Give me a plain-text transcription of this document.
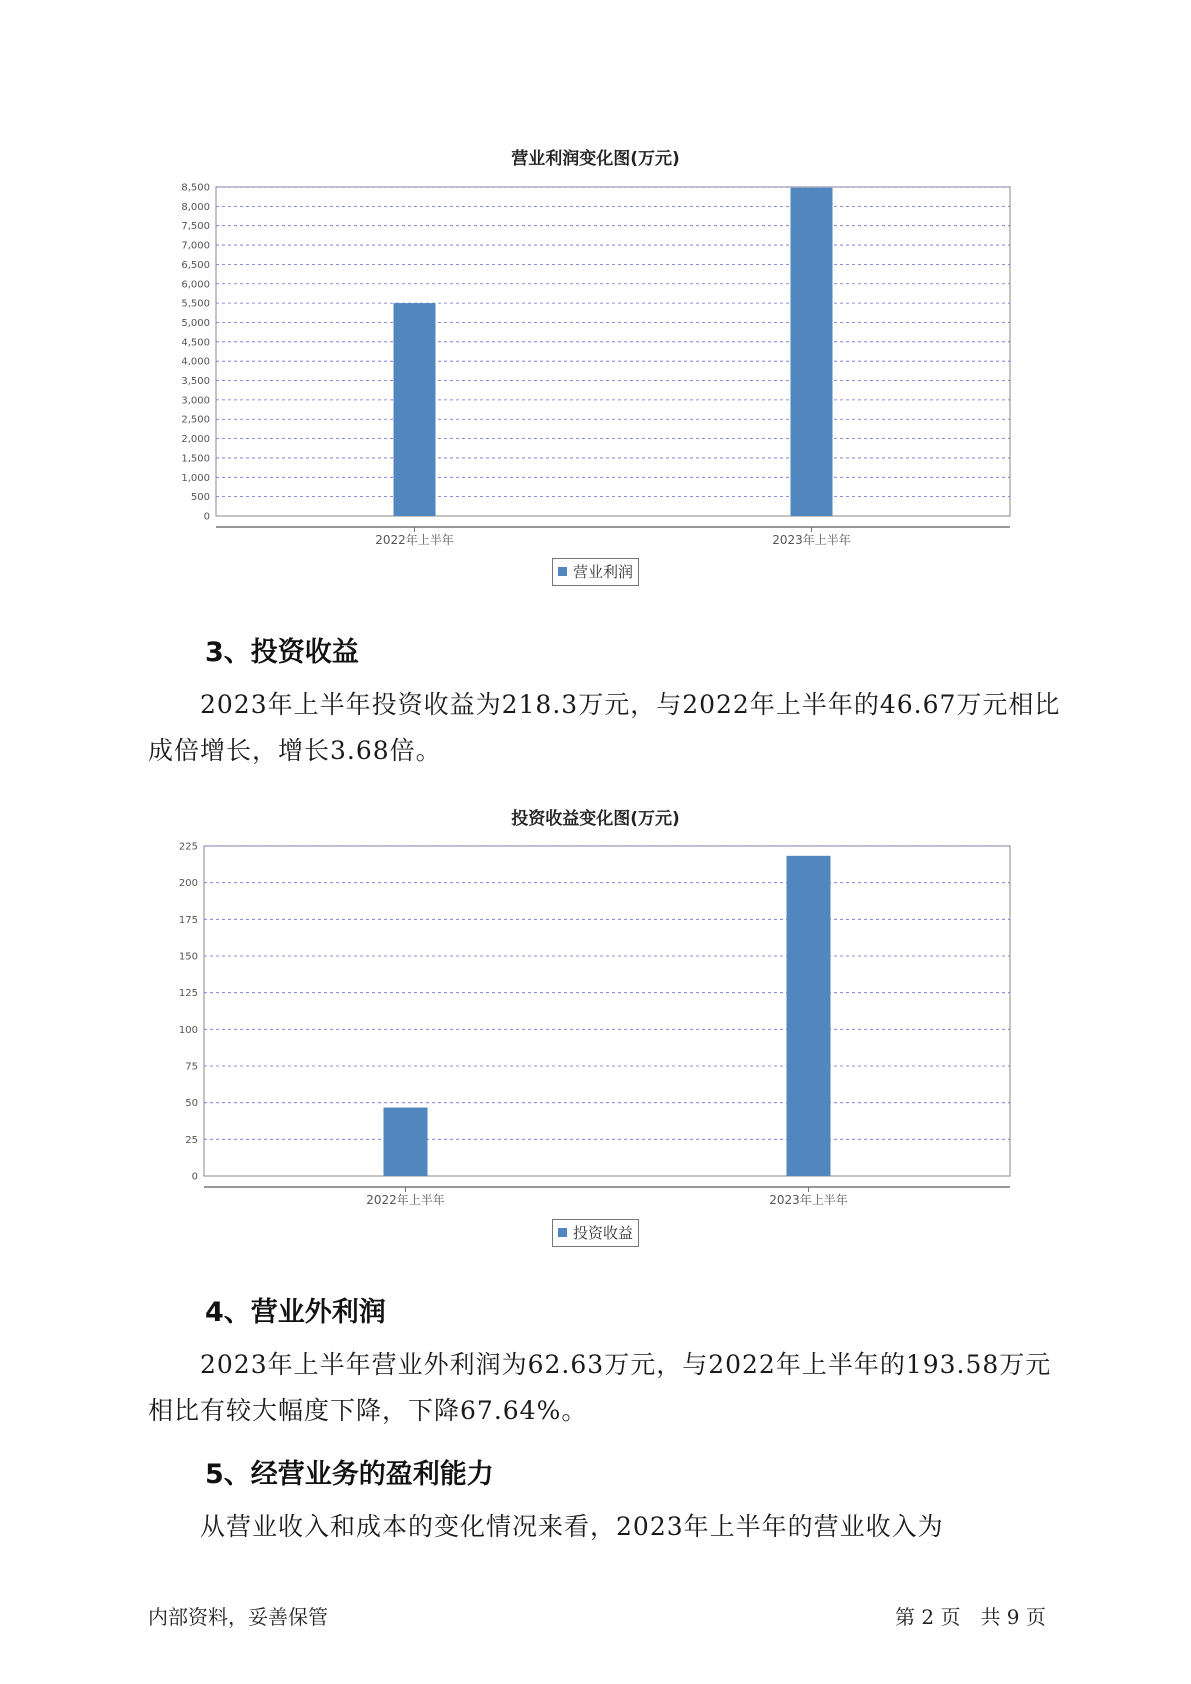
营业利润变化图(万元)
0
500
1,000
1,500
2,000
2,500
3,000
3,500
4,000
4,500
5,000
5,500
6,000
6,500
7,000
7,500
8,000
8,500
2022年上半年	2023年上半年
营业利润
3、投资收益

2023年上半年投资收益为218.3万元，与2022年上半年的46.67万元相比成倍增长，增长3.68倍。

投资收益变化图(万元)
0
25
50
75
100
125
150
175
200
225
2022年上半年	2023年上半年
投资收益
4、营业外利润

2023年上半年营业外利润为62.63万元，与2022年上半年的193.58万元相比有较大幅度下降，下降67.64%。

5、经营业务的盈利能力

从营业收入和成本的变化情况来看，2023年上半年的营业收入为

内部资料，妥善保管	第 2 页　共 9 页
